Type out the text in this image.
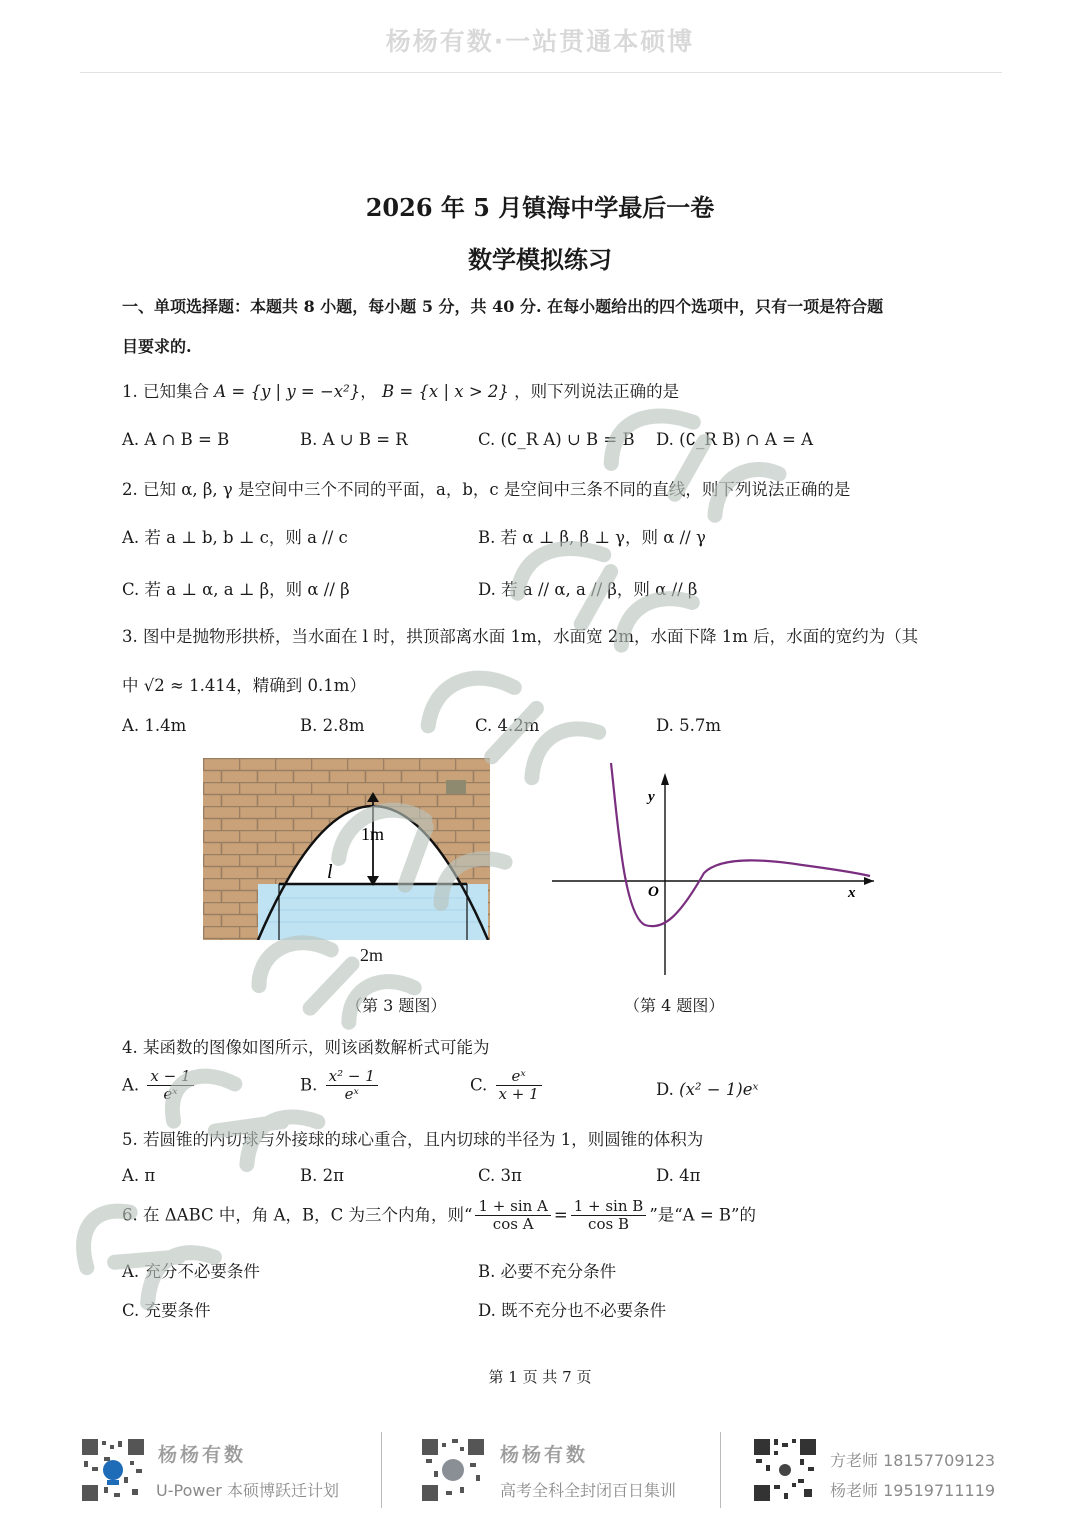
杨杨有数·一站贯通本硕博
2026 年 5 月镇海中学最后一卷
数学模拟练习
一、单项选择题：本题共 8 小题，每小题 5 分，共 40 分. 在每小题给出的四个选项中，只有一项是符合题
目要求的.
1. 已知集合 A = {y | y = −x²}， B = {x | x > 2} ，则下列说法正确的是
A. A ∩ B = B	B. A ∪ B = R	C. (∁_R A) ∪ B = B D. (∁_R B) ∩ A = A
2. 已知 α, β, γ 是空间中三个不同的平面，a，b，c 是空间中三条不同的直线，则下列说法正确的是
A. 若 a ⊥ b, b ⊥ c，则 a // c	B. 若 α ⊥ β, β ⊥ γ，则 α // γ
C. 若 a ⊥ α, a ⊥ β，则 α // β	D. 若 a // α, a // β，则 α // β
3. 图中是抛物形拱桥，当水面在 l 时，拱顶部离水面 1m，水面宽 2m，水面下降 1m 后，水面的宽约为（其
中 √2 ≈ 1.414，精确到 0.1m）
A. 1.4m	B. 2.8m	C. 4.2m	D. 5.7m
1m
l
2m
（第 3 题图）
y
O	x
（第 4 题图）
4. 某函数的图像如图所示，则该函数解析式可能为
A. $\frac{x - 1}{\text{eˣ}}$	B. $\frac{\text{x² − 1}}{\text{eˣ}}$	C. $\frac{\text{eˣ}}{x + 1}$	D. (x² − 1)eˣ
5. 若圆锥的内切球与外接球的球心重合，且内切球的半径为 1，则圆锥的体积为
A. π	B. 2π	C. 3π	D. 4π
6. 在 ΔABC 中，角 A，B，C 为三个内角，则“ $\frac{\text{1 + sin A}}{\text{cos A}} = \frac{\text{1 + sin B}}{\text{cos B}}$ ”是“A = B”的
A. 充分不必要条件	B. 必要不充分条件
C. 充要条件	D. 既不充分也不必要条件
第 1 页 共 7 页
杨杨有数
U-Power 本硕博跃迁计划
杨杨有数
高考全科全封闭百日集训
方老师 18157709123
杨老师 19519711119
